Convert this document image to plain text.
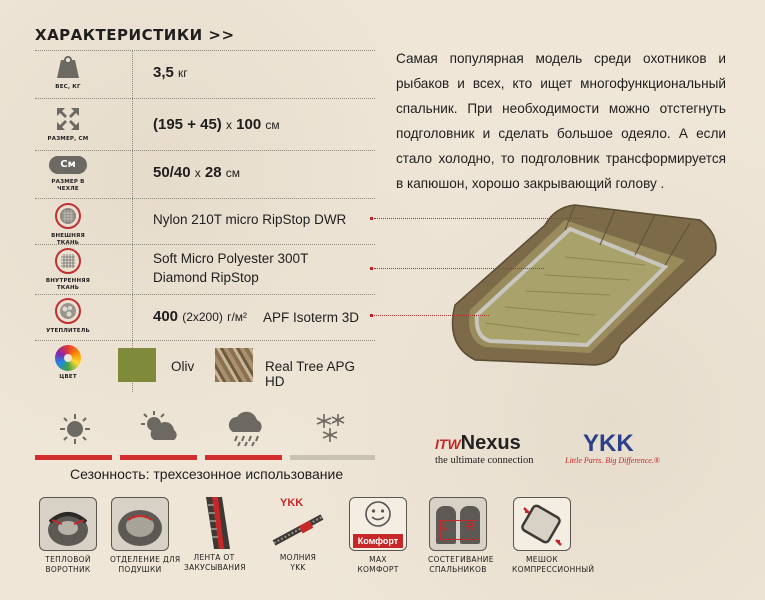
ХАРАКТЕРИСТИКИ >>
ВЕС, КГ
3,5 кг
РАЗМЕР, СМ
(195 + 45) х 100 см
См
РАЗМЕР В ЧЕХЛЕ
50/40 х 28 см
ВНЕШНЯЯ ТКАНЬ
Nylon 210T micro RipStop DWR
ВНУТРЕННЯЯ
ТКАНЬ
Soft Micro Polyester 300T
Diamond RipStop
УТЕПЛИТЕЛЬ
400 (2х200) г/м² APF Isoterm 3D
ЦВЕТ
Oliv	Real Tree APG HD
Самая популярная модель среди охотников и рыбаков и всех, кто ищет многофункциональный спальник. При необходимости можно отстегнуть подголовник и сделать большое одеяло. А если стало холодно, то подголовник трансформируется в капюшон, хорошо закрывающий голову .
Сезонность: трехсезонное использование
ITWNexus
the ultimate connection
YKK
Little Parts. Big Difference.®
ТЕПЛОВОЙ
ВОРОТНИК
ОТДЕЛЕНИЕ ДЛЯ
ПОДУШКИ
ЛЕНТА ОТ
ЗАКУСЫВАНИЯ
YKK
МОЛНИЯ
YKK
Комфорт
MAX
КОМФОРТ
L R
СОСТЕГИВАНИЕ
СПАЛЬНИКОВ
МЕШОК
КОМПРЕССИОННЫЙ
